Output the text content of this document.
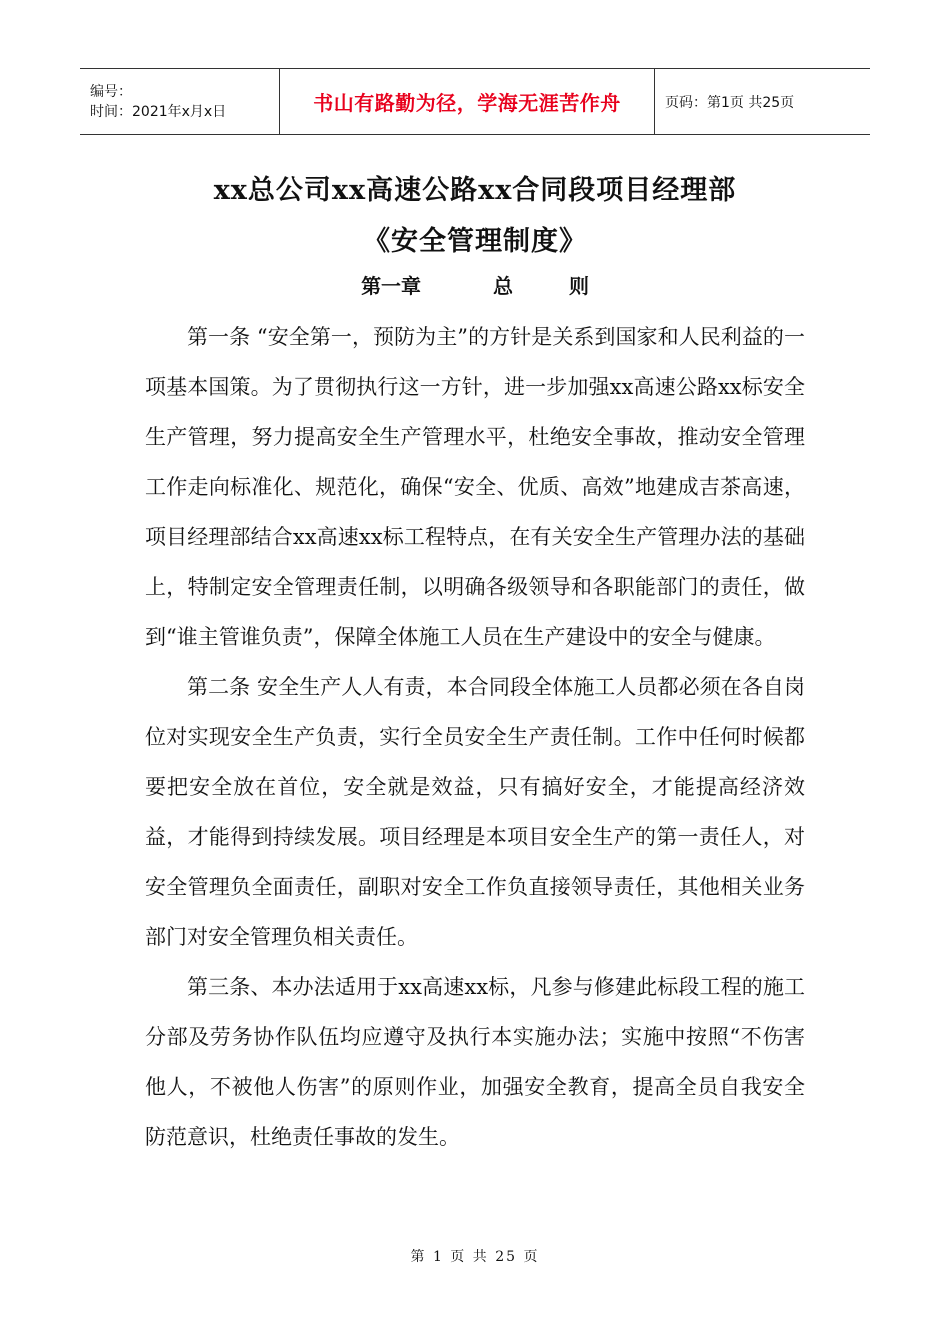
编号：
时间：2021年x月x日	书山有路勤为径，学海无涯苦作舟	页码：第1页 共25页
xx总公司xx高速公路xx合同段项目经理部
《安全管理制度》
第一章	总	则

第一条 “安全第一，预防为主”的方针是关系到国家和人民利益的一项基本国策。为了贯彻执行这一方针，进一步加强xx高速公路xx标安全生产管理，努力提高安全生产管理水平，杜绝安全事故，推动安全管理工作走向标准化、规范化，确保“安全、优质、高效”地建成吉茶高速，项目经理部结合xx高速xx标工程特点，在有关安全生产管理办法的基础上，特制定安全管理责任制，以明确各级领导和各职能部门的责任，做到“谁主管谁负责”，保障全体施工人员在生产建设中的安全与健康。

第二条 安全生产人人有责，本合同段全体施工人员都必须在各自岗位对实现安全生产负责，实行全员安全生产责任制。工作中任何时候都要把安全放在首位，安全就是效益，只有搞好安全，才能提高经济效益，才能得到持续发展。项目经理是本项目安全生产的第一责任人，对安全管理负全面责任，副职对安全工作负直接领导责任，其他相关业务部门对安全管理负相关责任。

第三条、本办法适用于xx高速xx标，凡参与修建此标段工程的施工分部及劳务协作队伍均应遵守及执行本实施办法；实施中按照“不伤害他人，不被他人伤害”的原则作业，加强安全教育，提高全员自我安全防范意识，杜绝责任事故的发生。

第 1 页 共 25 页
